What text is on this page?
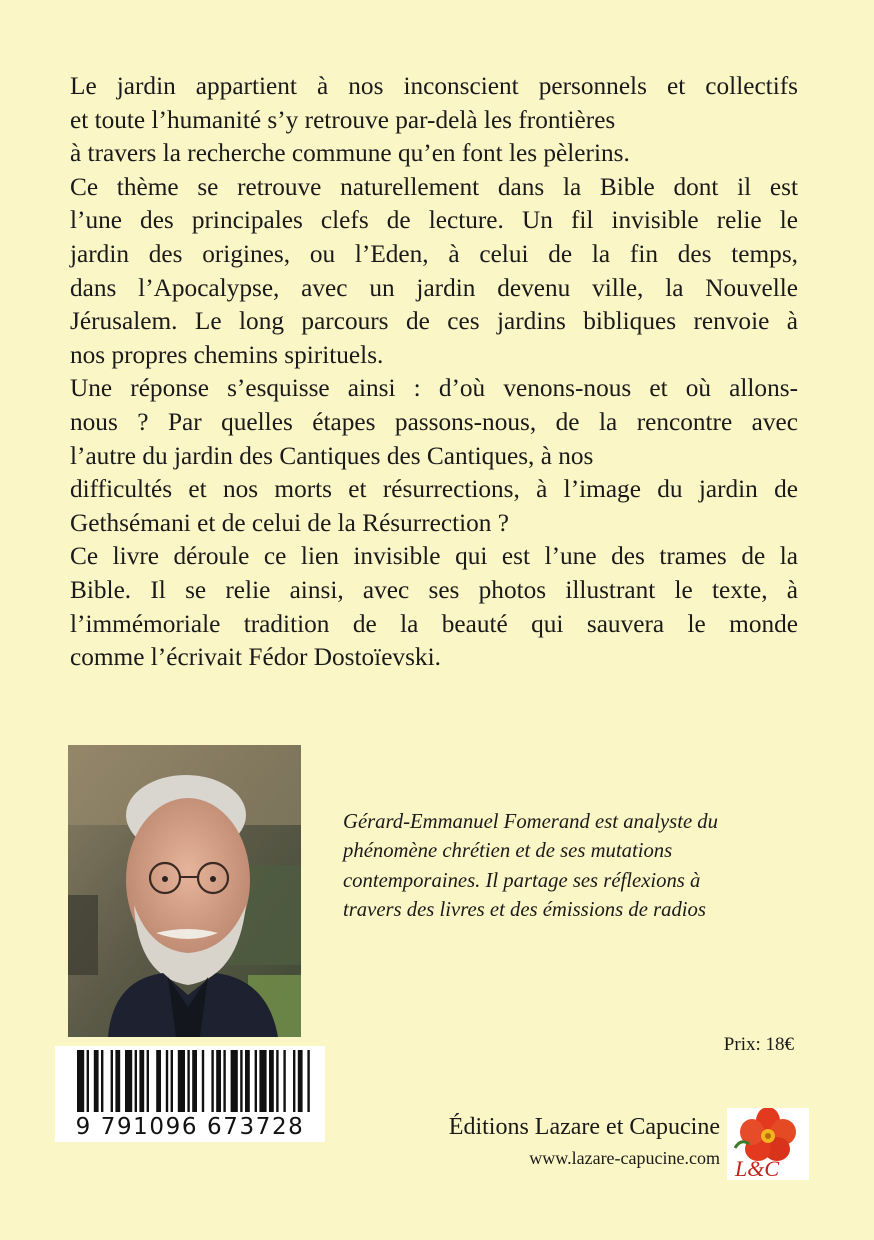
Le jardin appartient à nos inconscient personnels et collectifs
et toute l’humanité s’y retrouve par-delà les frontières
à travers la recherche commune qu’en font les pèlerins.
Ce thème se retrouve naturellement dans la Bible dont il est
l’une des principales clefs de lecture. Un fil invisible relie le
jardin des origines, ou l’Eden, à celui de la fin des temps,
dans l’Apocalypse, avec un jardin devenu ville, la Nouvelle
Jérusalem. Le long parcours de ces jardins bibliques renvoie à
nos propres chemins spirituels.
Une réponse s’esquisse ainsi : d’où venons-nous et où allons-
nous ? Par quelles étapes passons-nous, de la rencontre avec
l’autre du jardin des Cantiques des Cantiques, à nos
difficultés et nos morts et résurrections, à l’image du jardin de
Gethsémani et de celui de la Résurrection ?
Ce livre déroule ce lien invisible qui est l’une des trames de la
Bible. Il se relie ainsi, avec ses photos illustrant le texte, à
l’immémoriale tradition de la beauté qui sauvera le monde
comme l’écrivait Fédor Dostoïevski.
Gérard-Emmanuel Fomerand est analyste du
phénomène chrétien et de ses mutations
contemporaines. Il partage ses réflexions à
travers des livres et des émissions de radios
Prix: 18€
9 791096 673728	Éditions Lazare et Capucine
www.lazare-capucine.com L&C
